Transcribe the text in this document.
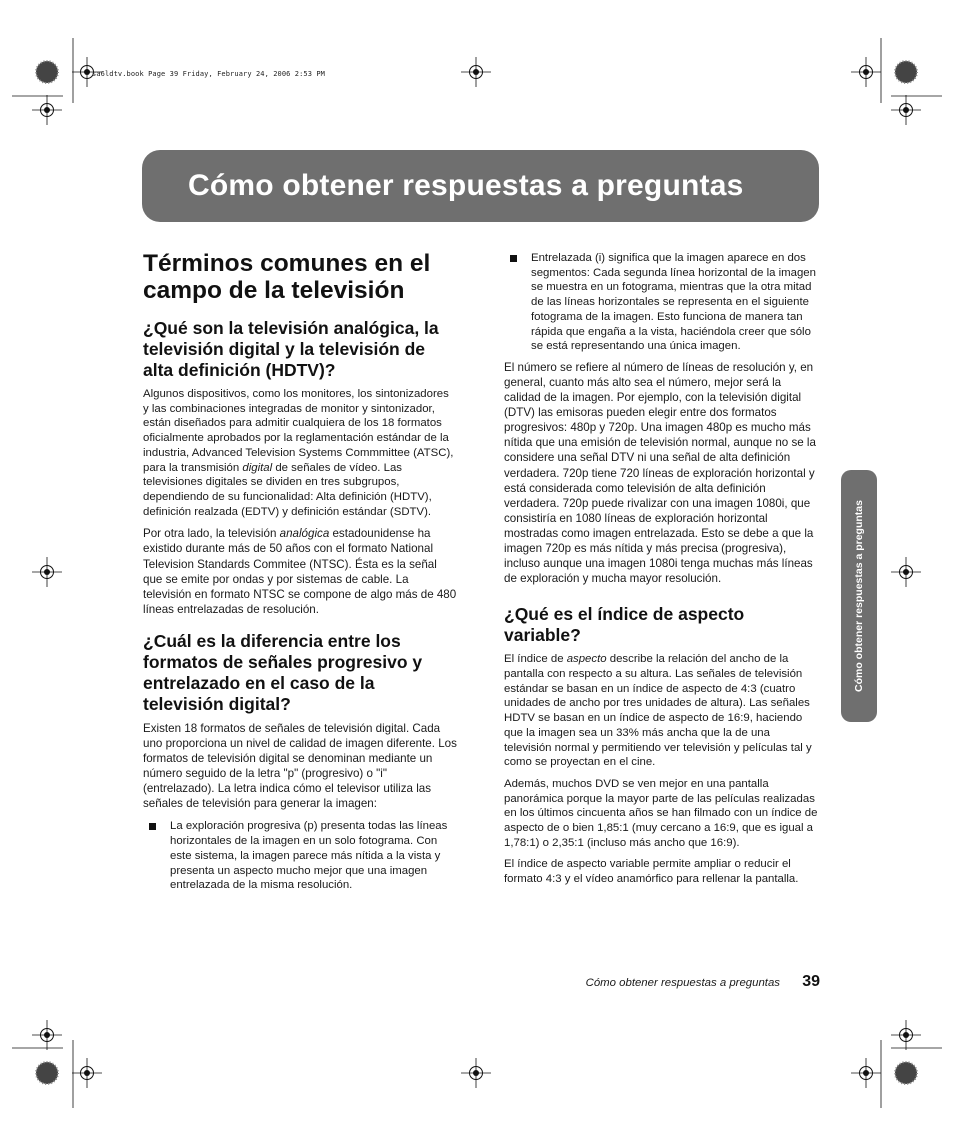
sa6ldtv.book Page 39 Friday, February 24, 2006 2:53 PM
Cómo obtener respuestas a preguntas
Términos comunes en el campo de la televisión
¿Qué son la televisión analógica, la televisión digital y la televisión de alta definición (HDTV)?

Algunos dispositivos, como los monitores, los sintonizadores y las combinaciones integradas de monitor y sintonizador, están diseñados para admitir cualquiera de los 18 formatos oficialmente aprobados por la reglamentación estándar de la industria, Advanced Television Systems Commmittee (ATSC), para la transmisión digital de señales de vídeo. Las televisiones digitales se dividen en tres subgrupos, dependiendo de su funcionalidad: Alta definición (HDTV), definición realzada (EDTV) y definición estándar (SDTV).

Por otra lado, la televisión analógica estadounidense ha existido durante más de 50 años con el formato National Television Standards Commitee (NTSC). Ésta es la señal que se emite por ondas y por sistemas de cable. La televisión en formato NTSC se compone de algo más de 480 líneas entrelazadas de resolución.

¿Cuál es la diferencia entre los formatos de señales progresivo y entrelazado en el caso de la televisión digital?

Existen 18 formatos de señales de televisión digital. Cada uno proporciona un nivel de calidad de imagen diferente. Los formatos de televisión digital se denominan mediante un número seguido de la letra "p" (progresivo) o "i" (entrelazado). La letra indica cómo el televisor utiliza las señales de televisión para generar la imagen:

La exploración progresiva (p) presenta todas las líneas horizontales de la imagen en un solo fotograma. Con este sistema, la imagen parece más nítida a la vista y presenta un aspecto mucho mejor que una imagen entrelazada de la misma resolución.
Entrelazada (i) significa que la imagen aparece en dos segmentos: Cada segunda línea horizontal de la imagen se muestra en un fotograma, mientras que la otra mitad de las líneas horizontales se representa en el siguiente fotograma de la imagen. Esto funciona de manera tan rápida que engaña a la vista, haciéndola creer que sólo se está representando una única imagen.

El número se refiere al número de líneas de resolución y, en general, cuanto más alto sea el número, mejor será la calidad de la imagen. Por ejemplo, con la televisión digital (DTV) las emisoras pueden elegir entre dos formatos progresivos: 480p y 720p. Una imagen 480p es mucho más nítida que una emisión de televisión normal, aunque no se la considere una señal DTV ni una señal de alta definición verdadera. 720p tiene 720 líneas de exploración horizontal y está considerada como televisión de alta definición verdadera. 720p puede rivalizar con una imagen 1080i, que consistiría en 1080 líneas de exploración horizontal mostradas como imagen entrelazada. Esto se debe a que la imagen 720p es más nítida y más precisa (progresiva), incluso aunque una imagen 1080i tenga muchas más líneas de exploración y mucha mayor resolución.

¿Qué es el índice de aspecto variable?

El índice de aspecto describe la relación del ancho de la pantalla con respecto a su altura. Las señales de televisión estándar se basan en un índice de aspecto de 4:3 (cuatro unidades de ancho por tres unidades de altura). Las señales HDTV se basan en un índice de aspecto de 16:9, haciendo que la imagen sea un 33% más ancha que la de una televisión normal y permitiendo ver televisión y películas tal y como se proyectan en el cine.

Además, muchos DVD se ven mejor en una pantalla panorámica porque la mayor parte de las películas realizadas en los últimos cincuenta años se han filmado con un índice de aspecto de o bien 1,85:1 (muy cercano a 16:9, que es igual a 1,78:1) o 2,35:1 (incluso más ancho que 16:9).

El índice de aspecto variable permite ampliar o reducir el formato 4:3 y el vídeo anamórfico para rellenar la pantalla.

Cómo obtener respuestas a preguntas
Cómo obtener respuestas a preguntas 39
